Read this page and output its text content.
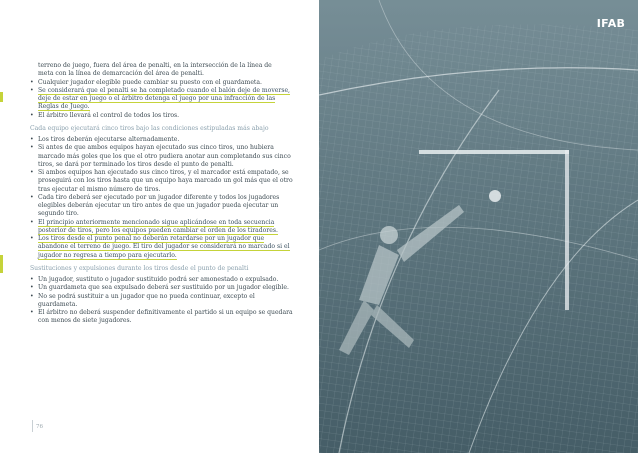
terreno de juego, fuera del área de penalti, en la intersección de la línea de

meta con la línea de demarcación del área de penalti.

• Cualquier jugador elegible puede cambiar su puesto con el guardameta.
• Se considerará que el penalti se ha completado cuando el balón deje de moverse, deje de estar en juego o el árbitro detenga el juego por una infracción de las Reglas de Juego.
• El árbitro llevará el control de todos los tiros.
Cada equipo ejecutará cinco tiros bajo las condiciones estipuladas más abajo
• Los tiros deberán ejecutarse alternadamente.
• Si antes de que ambos equipos hayan ejecutado sus cinco tiros, uno hubiera marcado más goles que los que el otro pudiera anotar aun completando sus cinco tiros, se dará por terminado los tiros desde el punto de penalti.
• Si ambos equipos han ejecutado sus cinco tiros, y el marcador está empatado, se proseguirá con los tiros hasta que un equipo haya marcado un gol más que el otro tras ejecutar el mismo número de tiros.
• Cada tiro deberá ser ejecutado por un jugador diferente y todos los jugadores elegibles deberán ejecutar un tiro antes de que un jugador pueda ejecutar un segundo tiro.
• El principio anteriormente mencionado sigue aplicándose en toda secuencia posterior de tiros, pero los equipos pueden cambiar el orden de los tiradores.
• Los tiros desde el punto penal no deberán retardarse por un jugador que abandone el terreno de juego. El tiro del jugador se considerará no marcado si el jugador no regresa a tiempo para ejecutarlo.
Sustituciones y expulsiones durante los tiros desde el punto de penalti
• Un jugador, sustituto o jugador sustituido podrá ser amonestado o expulsado.
• Un guardameta que sea expulsado deberá ser sustituido por un jugador elegible.
• No se podrá sustituir a un jugador que no pueda continuar, excepto el guardameta.
• El árbitro no deberá suspender definitivamente el partido si un equipo se quedara con menos de siete jugadores.
76
IFAB
